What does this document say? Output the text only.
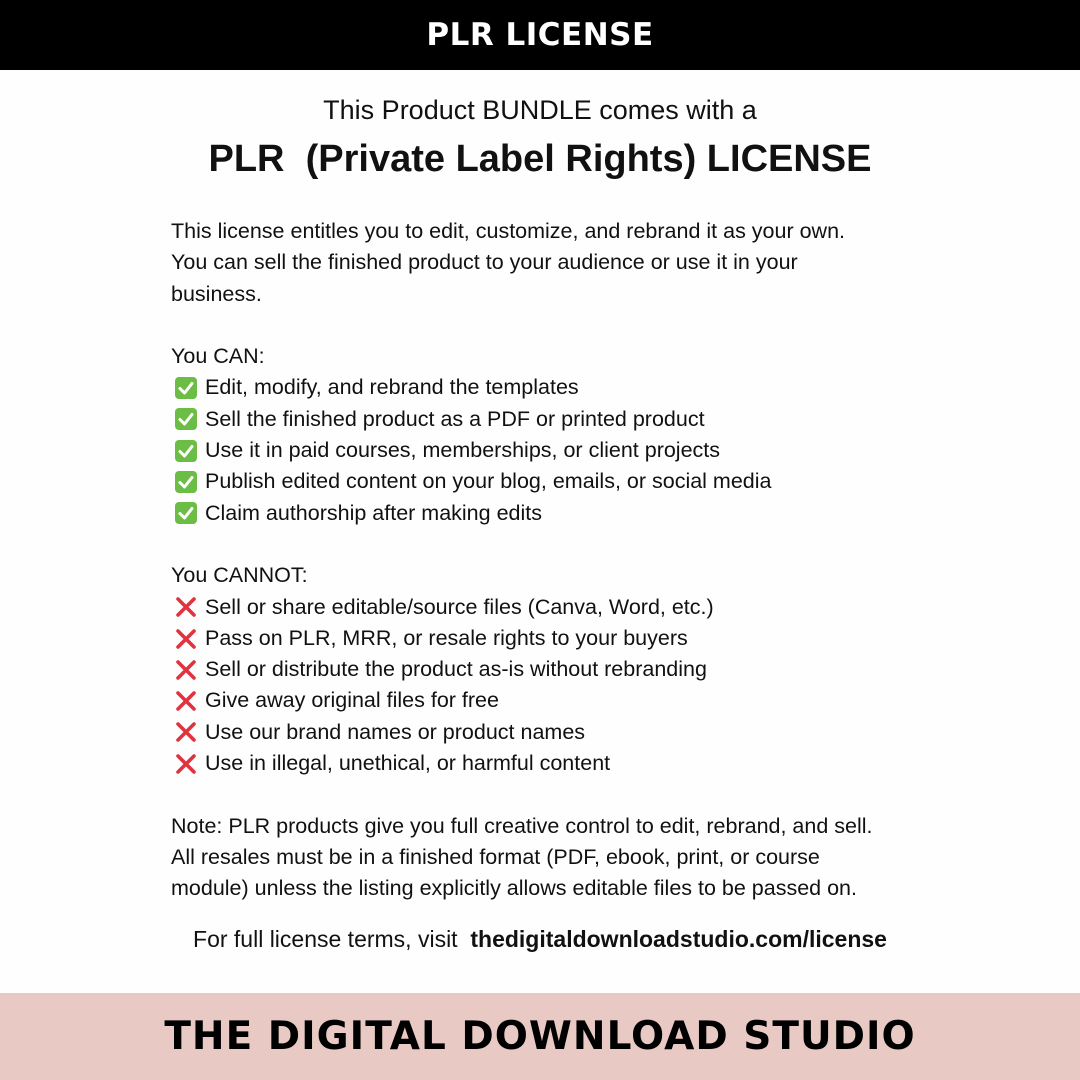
PLR LICENSE
This Product BUNDLE comes with a
PLR  (Private Label Rights) LICENSE

This license entitles you to edit, customize, and rebrand it as your own.

You can sell the finished product to your audience or use it in your

business.

You CAN:

Edit, modify, and rebrand the templates
Sell the finished product as a PDF or printed product
Use it in paid courses, memberships, or client projects
Publish edited content on your blog, emails, or social media
Claim authorship after making edits

You CANNOT:

Sell or share editable/source files (Canva, Word, etc.)
Pass on PLR, MRR, or resale rights to your buyers
Sell or distribute the product as-is without rebranding
Give away original files for free
Use our brand names or product names
Use in illegal, unethical, or harmful content

Note: PLR products give you full creative control to edit, rebrand, and sell.

All resales must be in a finished format (PDF, ebook, print, or course

module) unless the listing explicitly allows editable files to be passed on.

For full license terms, visit  thedigitaldownloadstudio.com/license
THE DIGITAL DOWNLOAD STUDIO
